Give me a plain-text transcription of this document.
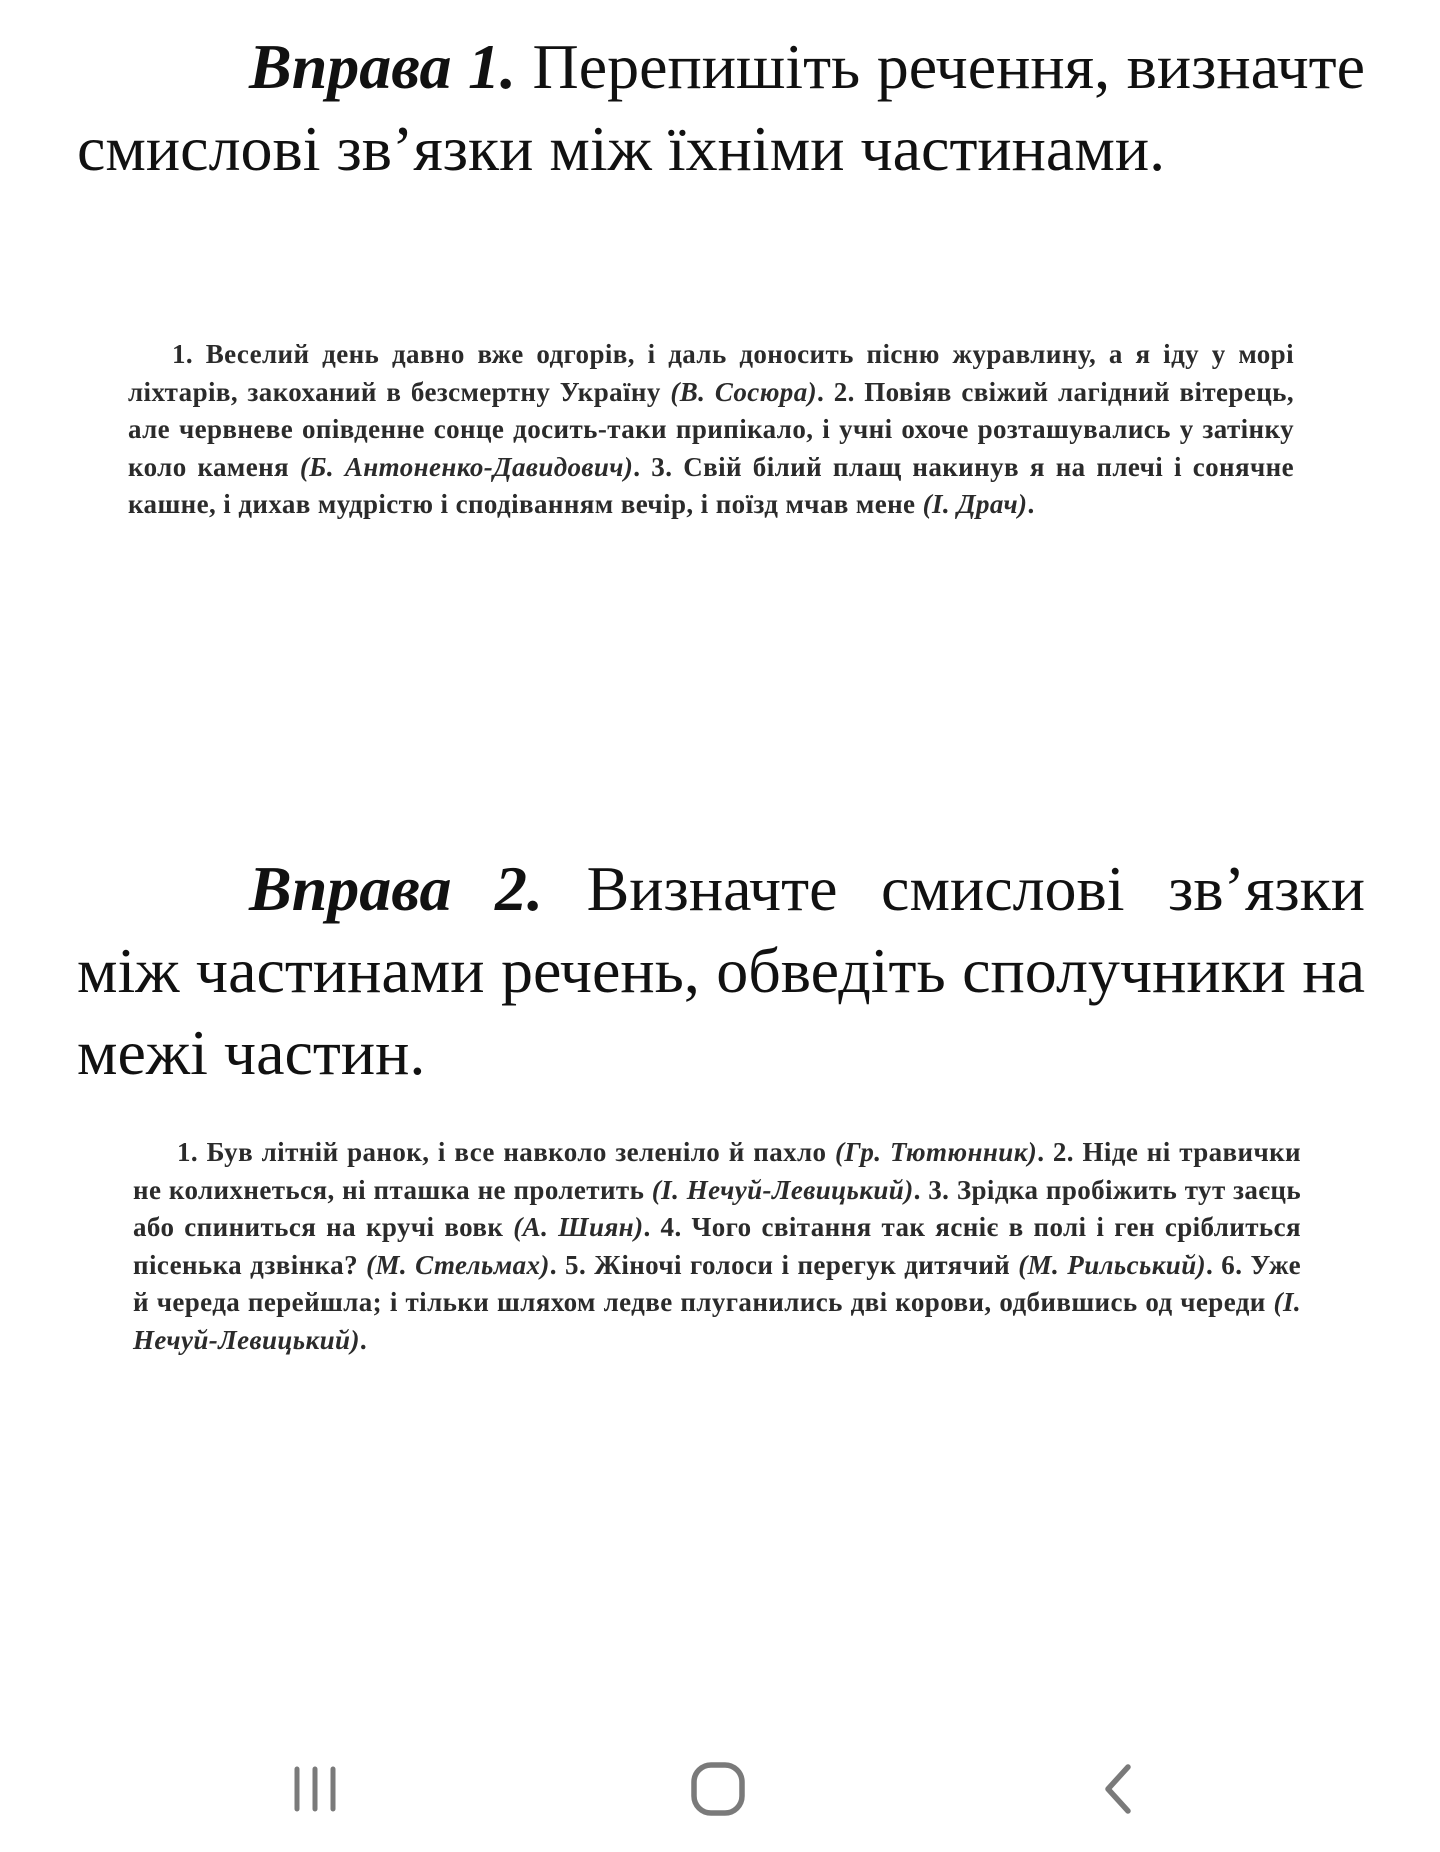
Вправа 1. Перепишіть речення, визначте смислові зв’язки між їхніми частинами.
1. Веселий день давно вже одгорів, і даль доносить пісню журавлину, а я іду у морі ліхтарів, закоханий в безсмертну Україну (В. Сосюра). 2. Повіяв свіжий лагідний вітерець, але червневе опівденне сонце досить-таки припікало, і учні охоче розташувались у затінку коло каменя (Б. Антоненко-Давидович). 3. Свій білий плащ накинув я на плечі і сонячне кашне, і дихав мудрістю і сподіванням вечір, і поїзд мчав мене (І. Драч).
Вправа 2. Визначте смислові зв’язки між частинами речень, обведіть сполучники на межі частин.
1. Був літній ранок, і все навколо зеленіло й пахло (Гр. Тютюнник). 2. Ніде ні травички не колихнеться, ні пташка не пролетить (І. Нечуй-Левицький). 3. Зрідка пробіжить тут заєць або спиниться на кручі вовк (А. Шиян). 4. Чого світання так ясніє в полі і ген сріблиться пісенька дзвінка? (М. Стельмах). 5. Жіночі голоси і перегук дитячий (М. Рильський). 6. Уже й череда перейшла; і тільки шляхом ледве плуганились дві корови, одбившись од череди (І. Нечуй-Левицький).
